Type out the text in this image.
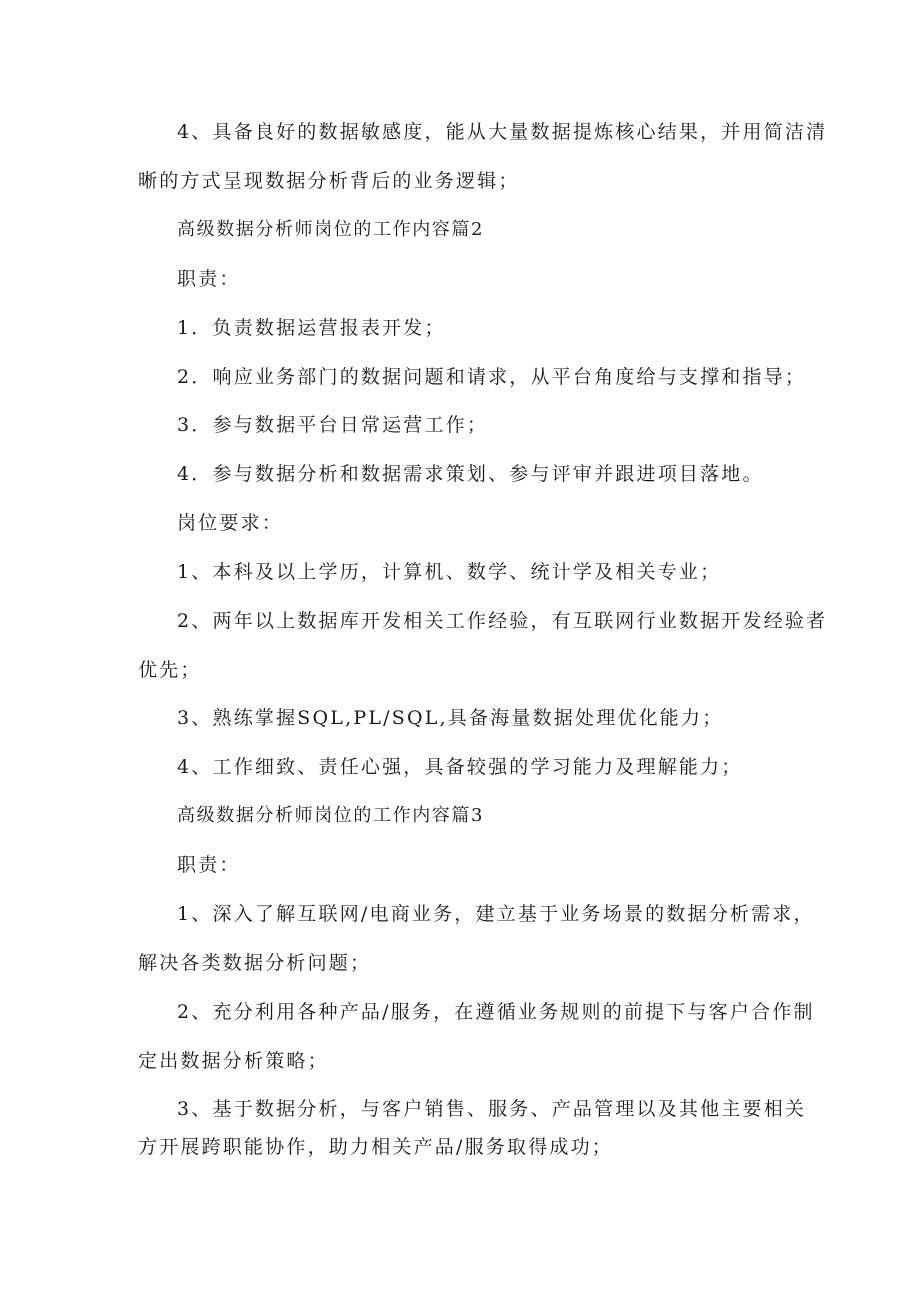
4、具备良好的数据敏感度，能从大量数据提炼核心结果，并用简洁清
晰的方式呈现数据分析背后的业务逻辑；
高级数据分析师岗位的工作内容篇2
职责：
1．负责数据运营报表开发；
2．响应业务部门的数据问题和请求，从平台角度给与支撑和指导；
3．参与数据平台日常运营工作；
4．参与数据分析和数据需求策划、参与评审并跟进项目落地。
岗位要求：
1、本科及以上学历，计算机、数学、统计学及相关专业；
2、两年以上数据库开发相关工作经验，有互联网行业数据开发经验者
优先；
3、熟练掌握SQL,PL/SQL,具备海量数据处理优化能力；
4、工作细致、责任心强，具备较强的学习能力及理解能力；
高级数据分析师岗位的工作内容篇3
职责：
1、深入了解互联网/电商业务，建立基于业务场景的数据分析需求，
解决各类数据分析问题；
2、充分利用各种产品/服务，在遵循业务规则的前提下与客户合作制
定出数据分析策略；
3、基于数据分析，与客户销售、服务、产品管理以及其他主要相关
方开展跨职能协作，助力相关产品/服务取得成功；
